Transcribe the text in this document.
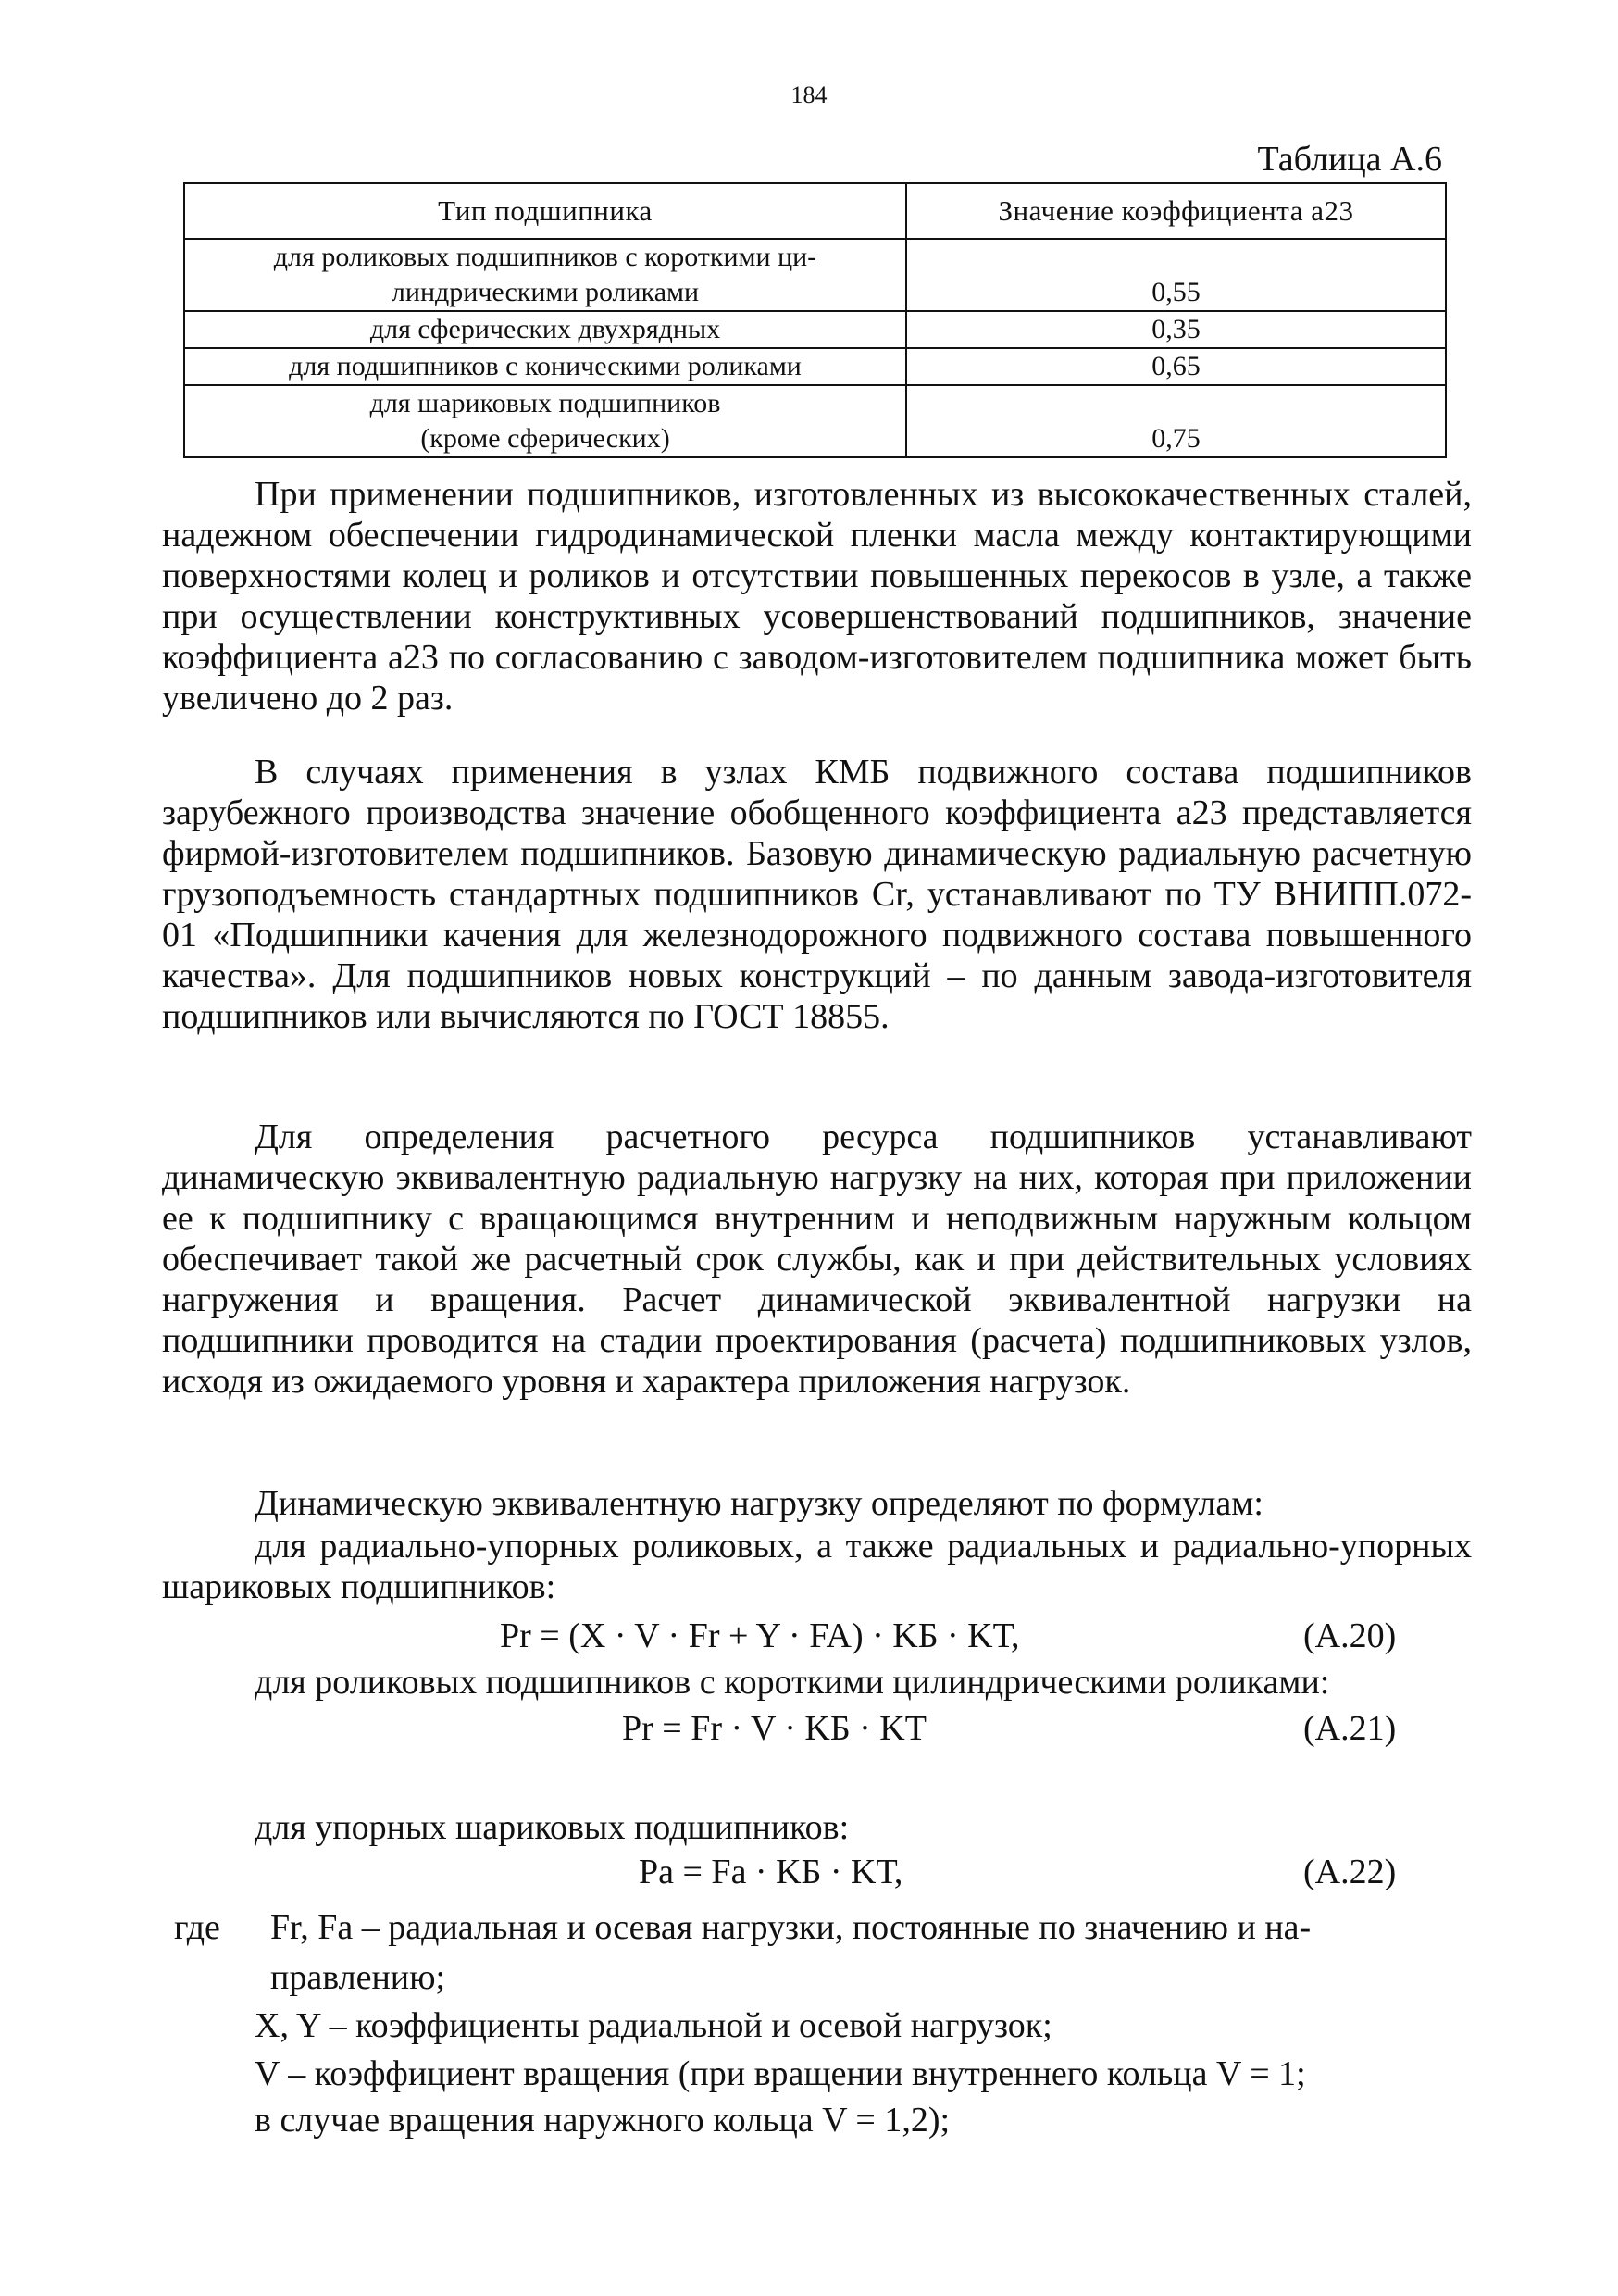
184
Таблица А.6
Тип подшипника	Значение коэффициента a23

для роликовых подшипников с короткими ци-
линдрическими роликами	0,55
для сферических двухрядных	0,35
для подшипников с коническими роликами	0,65

для шариковых подшипников
(кроме сферических)	0,75

При применении подшипников, изготовленных из высококачественных сталей, надежном обеспечении гидродинамической пленки масла между контактирующими поверхностями колец и роликов и отсутствии повышенных перекосов в узле, а также при осуществлении конструктивных усовершенствований подшипников, значение коэффициента a23 по согласованию с заводом-изготовителем подшипника может быть увеличено до 2 раз.

В случаях применения в узлах КМБ подвижного состава подшипников зарубежного производства значение обобщенного коэффициента a23 представляется фирмой-изготовителем подшипников. Базовую динамическую радиальную расчетную грузоподъемность стандартных подшипников Cr, устанавливают по ТУ ВНИПП.072-01 «Подшипники качения для железнодорожного подвижного состава повышенного качества». Для подшипников новых конструкций – по данным завода-изготовителя подшипников или вычисляются по ГОСТ 18855.

Для определения расчетного ресурса подшипников устанавливают динамическую эквивалентную радиальную нагрузку на них, которая при приложении ее к подшипнику с вращающимся внутренним и неподвижным наружным кольцом обеспечивает такой же расчетный срок службы, как и при действительных условиях нагружения и вращения. Расчет динамической эквивалентной нагрузки на подшипники проводится на стадии проектирования (расчета) подшипниковых узлов, исходя из ожидаемого уровня и характера приложения нагрузок.

Динамическую эквивалентную нагрузку определяют по формулам:

для радиально-упорных роликовых, а также радиальных и радиально-упорных шариковых подшипников:

Pr = (X · V · Fr + Y · FA) · KБ · KТ,	(А.20)
для роликовых подшипников с короткими цилиндрическими роликами:
Pr = Fr · V · KБ · KТ	(А.21)
для упорных шариковых подшипников:
Pa = Fa · KБ · KТ,	(А.22)
где Fr, Fa – радиальная и осевая нагрузки, постоянные по значению и на-
правлению;
X, Y – коэффициенты радиальной и осевой нагрузок;
V – коэффициент вращения (при вращении внутреннего кольца V = 1;
в случае вращения наружного кольца V = 1,2);
